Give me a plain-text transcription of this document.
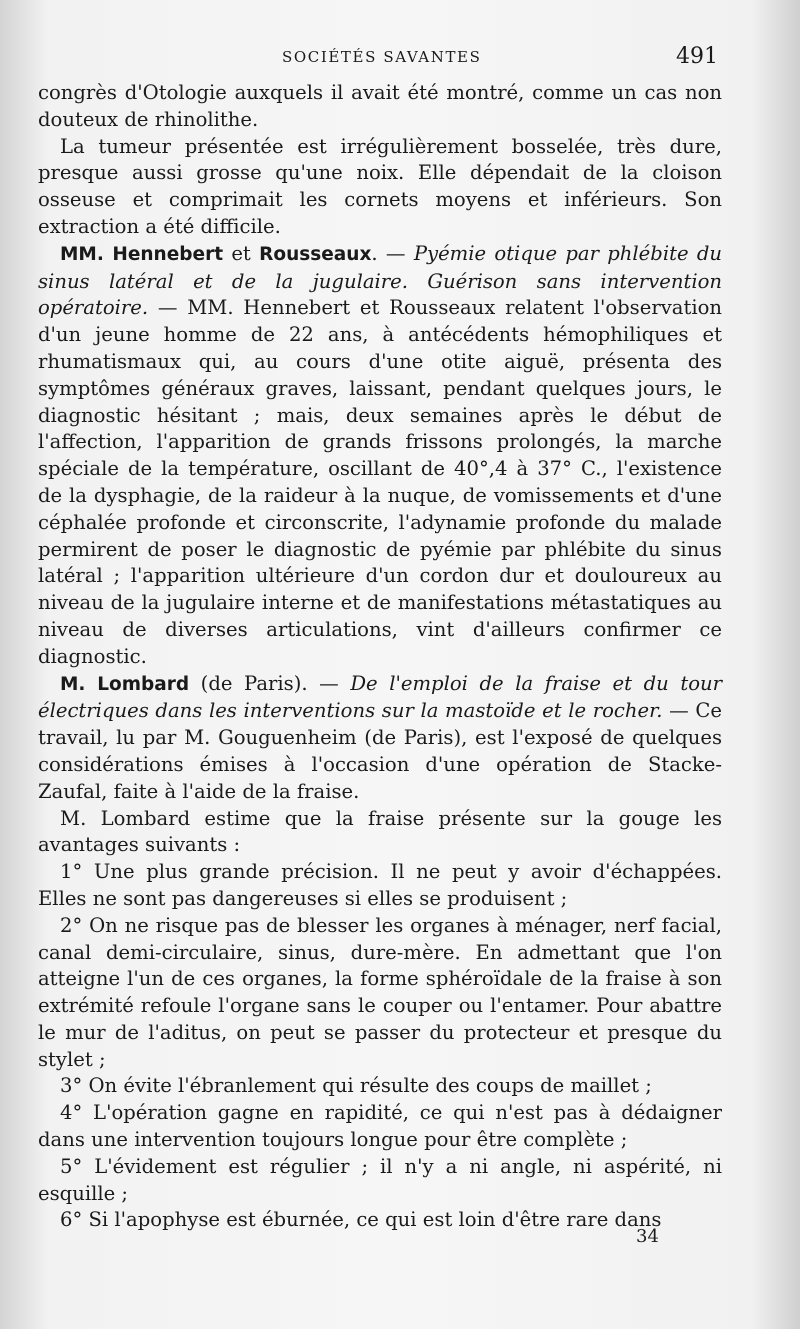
SOCIÉTÉS SAVANTES	491

congrès d'Otologie auxquels il avait été montré, comme un cas non douteux de rhinolithe.

La tumeur présentée est irrégulièrement bosselée, très dure, presque aussi grosse qu'une noix. Elle dépendait de la cloison osseuse et comprimait les cornets moyens et inférieurs. Son extraction a été difficile.

MM. Hennebert et Rousseaux. — Pyémie otique par phlébite du sinus latéral et de la jugulaire. Guérison sans intervention opératoire. — MM. Hennebert et Rousseaux relatent l'observation d'un jeune homme de 22 ans, à antécédents hémophiliques et rhumatismaux qui, au cours d'une otite aiguë, présenta des symptômes généraux graves, laissant, pendant quelques jours, le diagnostic hésitant ; mais, deux semaines après le début de l'affection, l'apparition de grands frissons prolongés, la marche spéciale de la température, oscillant de 40°,4 à 37° C., l'existence de la dysphagie, de la raideur à la nuque, de vomissements et d'une céphalée profonde et circonscrite, l'adynamie profonde du malade permirent de poser le diagnostic de pyémie par phlébite du sinus latéral ; l'apparition ultérieure d'un cordon dur et douloureux au niveau de la jugulaire interne et de manifestations métastatiques au niveau de diverses articulations, vint d'ailleurs confirmer ce diagnostic.

M. Lombard (de Paris). — De l'emploi de la fraise et du tour électriques dans les interventions sur la mastoïde et le rocher. — Ce travail, lu par M. Gouguenheim (de Paris), est l'exposé de quelques considérations émises à l'occasion d'une opération de Stacke-Zaufal, faite à l'aide de la fraise.

M. Lombard estime que la fraise présente sur la gouge les avantages suivants :

1° Une plus grande précision. Il ne peut y avoir d'échappées. Elles ne sont pas dangereuses si elles se produisent ;

2° On ne risque pas de blesser les organes à ménager, nerf facial, canal demi-circulaire, sinus, dure-mère. En admettant que l'on atteigne l'un de ces organes, la forme sphéroïdale de la fraise à son extrémité refoule l'organe sans le couper ou l'entamer. Pour abattre le mur de l'aditus, on peut se passer du protecteur et presque du stylet ;

3° On évite l'ébranlement qui résulte des coups de maillet ;

4° L'opération gagne en rapidité, ce qui n'est pas à dédaigner dans une intervention toujours longue pour être complète ;

5° L'évidement est régulier ; il n'y a ni angle, ni aspérité, ni esquille ;

6° Si l'apophyse est éburnée, ce qui est loin d'être rare dans

34
